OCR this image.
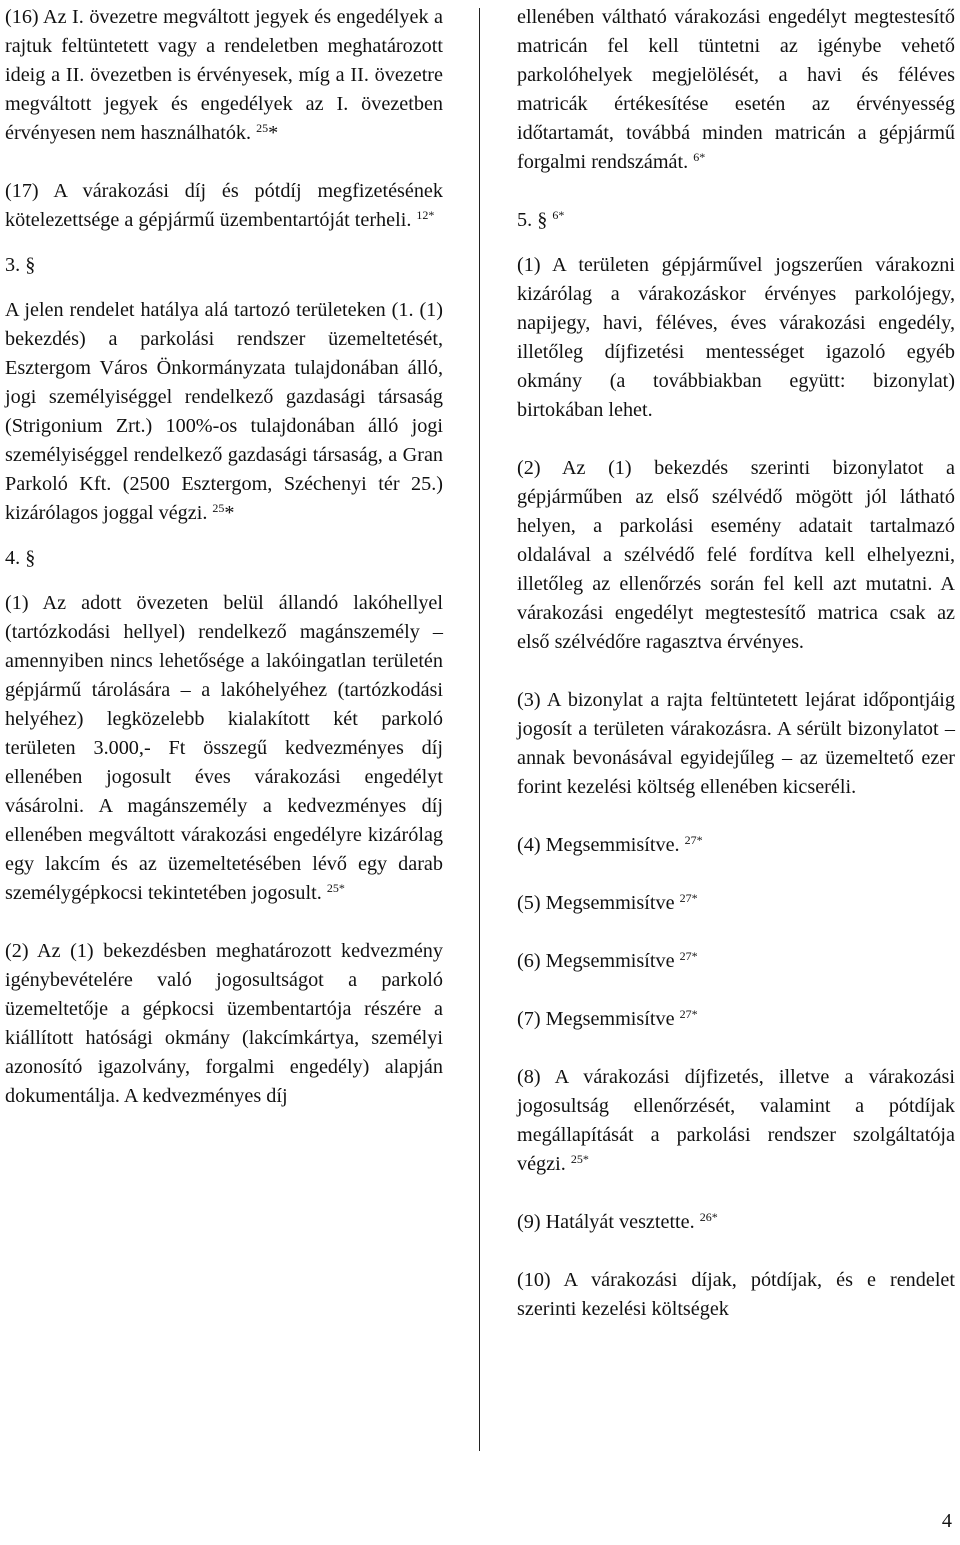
(16) Az I. övezetre megváltott jegyek és engedélyek a rajtuk feltüntetett vagy a rendeletben meghatározott ideig a II. övezetben is érvényesek, míg a II. övezetre megváltott jegyek és engedélyek az I. övezetben érvényesen nem használhatók. $^{25}$*

(17) A várakozási díj és pótdíj megfizetésének kötelezettsége a gépjármű üzembentartóját terheli. $^{12*}$

3. §

A jelen rendelet hatálya alá tartozó területeken (1. (1) bekezdés) a parkolási rendszer üzemeltetését, Esztergom Város Önkormányzata tulajdonában álló, jogi személyiséggel rendelkező gazdasági társaság (Strigonium Zrt.) 100%-os tulajdonában álló jogi személyiséggel rendelkező gazdasági társaság, a Gran Parkoló Kft. (2500 Esztergom, Széchenyi tér 25.) kizárólagos joggal végzi. $^{25}$*

4. §

(1) Az adott övezeten belül állandó lakóhellyel (tartózkodási hellyel) rendelkező magánszemély – amennyiben nincs lehetősége a lakóingatlan területén gépjármű tárolására – a lakóhelyéhez (tartózkodási helyéhez) legközelebb kialakított két parkoló területen 3.000,- Ft összegű kedvezményes díj ellenében jogosult éves várakozási engedélyt vásárolni. A magánszemély a kedvezményes díj ellenében megváltott várakozási engedélyre kizárólag egy lakcím és az üzemeltetésében lévő egy darab személygépkocsi tekintetében jogosult. $^{25*}$

(2) Az (1) bekezdésben meghatározott kedvezmény igénybevételére való jogosultságot a parkoló üzemeltetője a gépkocsi üzembentartója részére a kiállított hatósági okmány (lakcímkártya, személyi azonosító igazolvány, forgalmi engedély) alapján dokumentálja. A kedvezményes díj

ellenében váltható várakozási engedélyt megtestesítő matricán fel kell tüntetni az igénybe vehető parkolóhelyek megjelölését, a havi és féléves matricák értékesítése esetén az érvényesség időtartamát, továbbá minden matricán a gépjármű forgalmi rendszámát. $^{6*}$

5. § $^{6*}$

(1) A területen gépjárművel jogszerűen várakozni kizárólag a várakozáskor érvényes parkolójegy, napijegy, havi, féléves, éves várakozási engedély, illetőleg díjfizetési mentességet igazoló egyéb okmány (a továbbiakban együtt: bizonylat) birtokában lehet.

(2) Az (1) bekezdés szerinti bizonylatot a gépjárműben az első szélvédő mögött jól látható helyen, a parkolási esemény adatait tartalmazó oldalával a szélvédő felé fordítva kell elhelyezni, illetőleg az ellenőrzés során fel kell azt mutatni. A várakozási engedélyt megtestesítő matrica csak az első szélvédőre ragasztva érvényes.

(3) A bizonylat a rajta feltüntetett lejárat időpontjáig jogosít a területen várakozásra. A sérült bizonylatot – annak bevonásával egyidejűleg – az üzemeltető ezer forint kezelési költség ellenében kicseréli.

(4) Megsemmisítve. $^{27*}$

(5) Megsemmisítve $^{27*}$

(6) Megsemmisítve $^{27*}$

(7) Megsemmisítve $^{27*}$

(8) A várakozási díjfizetés, illetve a várakozási jogosultság ellenőrzését, valamint a pótdíjak megállapítását a parkolási rendszer szolgáltatója végzi. $^{25*}$

(9) Hatályát vesztette. $^{26*}$

(10) A várakozási díjak, pótdíjak, és e rendelet szerinti kezelési költségek

4
